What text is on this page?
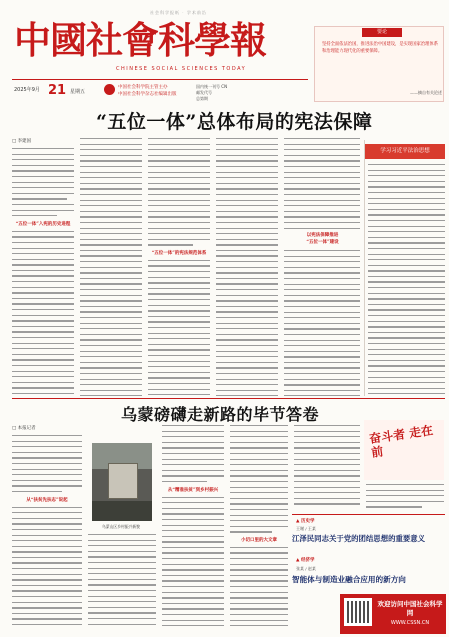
社会科学报纸 · 学术前沿
中國社會科學報
CHINESE SOCIAL SCIENCES TODAY
2025年9月 21 星期五
中国社会科学院主管主办
中国社会科学杂志社编辑出版
国内统一刊号 CN
邮发代号
总第期
要论
坚持全面依法治国，推进法治中国建设，是实现国家治理体系和治理能力现代化的重要保障。
——摘自有关论述
“五位一体”总体布局的宪法保障
□ 李建国
“五位一体”入宪的历史进程
“五位一体”的宪法规范体系
以宪法保障推进
“五位一体”建设
学习习近平法治思想
乌蒙磅礴走新路的毕节答卷
□ 本报记者
从“扶贫先扶志”说起
乌蒙山区乡村振兴新貌
从“精准扶贫”到乡村振兴
小切口里的大文章
奋斗者 走在前
▲ 历史学
王谢 / 王某
江泽民同志关于党的团结思想的重要意义
▲ 经济学
张某 / 赵某
智能体与制造业融合应用的新方向
欢迎访问中国社会科学网
WWW.CSSN.CN
